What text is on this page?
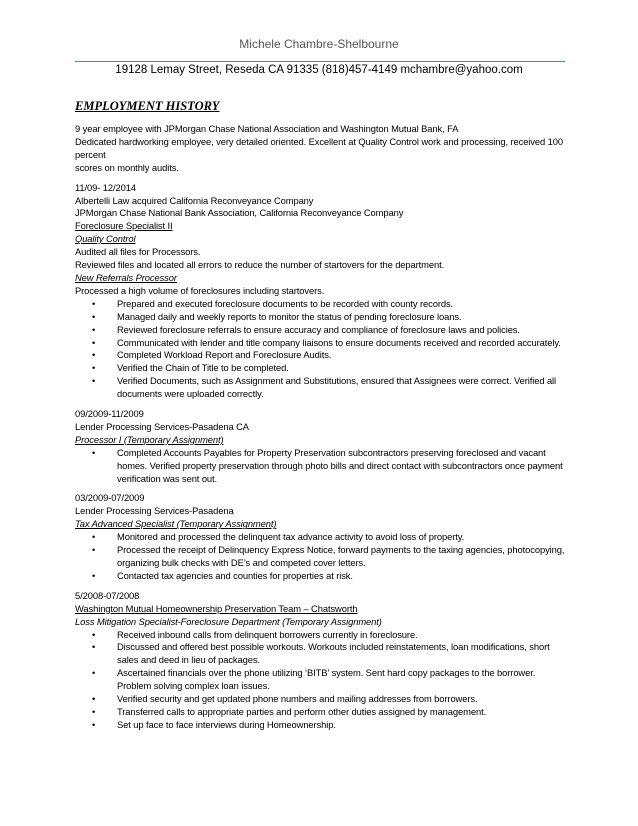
Michele Chambre-Shelbourne
19128 Lemay Street, Reseda CA 91335 (818)457-4149 mchambre@yahoo.com
EMPLOYMENT HISTORY

9 year employee with JPMorgan Chase National Association and Washington Mutual Bank, FA

Dedicated hardworking employee, very detailed oriented. Excellent at Quality Control work and processing, received 100 percent

scores on monthly audits.

11/09- 12/2014

Albertelli Law acquired California Reconveyance Company

JPMorgan Chase National Bank Association, California Reconveyance Company

Foreclosure Specialist II

Quality Control

Audited all files for Processors.

Reviewed files and located all errors to reduce the number of startovers for the department.

New Referrals Processor

Processed a high volume of foreclosures including startovers.

• Prepared and executed foreclosure documents to be recorded with county records.
• Managed daily and weekly reports to monitor the status of pending foreclosure loans.
• Reviewed foreclosure referrals to ensure accuracy and compliance of foreclosure laws and policies.
• Communicated with lender and title company liaisons to ensure documents received and recorded accurately.
• Completed Workload Report and Foreclosure Audits.
• Verified the Chain of Title to be completed.
• Verified Documents, such as Assignment and Substitutions, ensured that Assignees were correct. Verified all documents were uploaded correctly.

09/2009-11/2009

Lender Processing Services-Pasadena CA

Processor I (Temporary Assignment)

• Completed Accounts Payables for Property Preservation subcontractors preserving foreclosed and vacant homes. Verified property preservation through photo bills and direct contact with subcontractors once payment verification was sent out.

03/2009-07/2009

Lender Processing Services-Pasadena

Tax Advanced Specialist (Temporary Assignment)

• Monitored and processed the delinquent tax advance activity to avoid loss of property.
• Processed the receipt of Delinquency Express Notice, forward payments to the taxing agencies, photocopying, organizing bulk checks with DE’s and competed cover letters.
• Contacted tax agencies and counties for properties at risk.

5/2008-07/2008

Washington Mutual Homeownership Preservation Team – Chatsworth

Loss Mitigation Specialist-Foreclosure Department (Temporary Assignment)

• Received inbound calls from delinquent borrowers currently in foreclosure.
• Discussed and offered best possible workouts. Workouts included reinstatements, loan modifications, short sales and deed in lieu of packages.
• Ascertained financials over the phone utilizing ‘BITB’ system. Sent hard copy packages to the borrower. Problem solving complex loan issues.
• Verified security and get updated phone numbers and mailing addresses from borrowers.
• Transferred calls to appropriate parties and perform other duties assigned by management.
• Set up face to face interviews during Homeownership.
